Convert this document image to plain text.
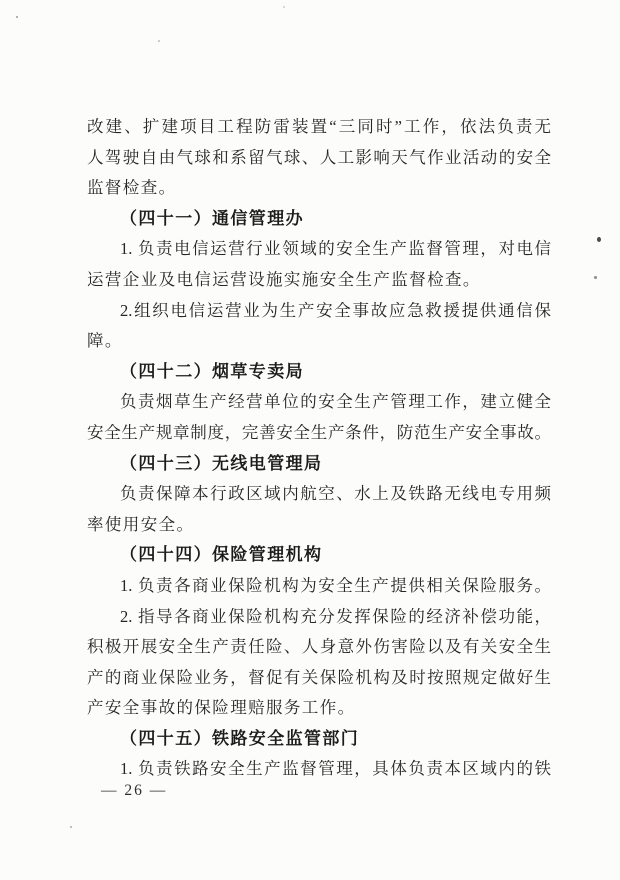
改建、扩建项目工程防雷装置“三同时”工作，依法负责无
人驾驶自由气球和系留气球、人工影响天气作业活动的安全
监督检查。
（四十一）通信管理办
1. 负责电信运营行业领域的安全生产监督管理，对电信
运营企业及电信运营设施实施安全生产监督检查。
2.组织电信运营业为生产安全事故应急救援提供通信保
障。
（四十二）烟草专卖局
负责烟草生产经营单位的安全生产管理工作，建立健全
安全生产规章制度，完善安全生产条件，防范生产安全事故。
（四十三）无线电管理局
负责保障本行政区域内航空、水上及铁路无线电专用频
率使用安全。
（四十四）保险管理机构
1. 负责各商业保险机构为安全生产提供相关保险服务。
2. 指导各商业保险机构充分发挥保险的经济补偿功能，
积极开展安全生产责任险、人身意外伤害险以及有关安全生
产的商业保险业务，督促有关保险机构及时按照规定做好生
产安全事故的保险理赔服务工作。
（四十五）铁路安全监管部门
1. 负责铁路安全生产监督管理，具体负责本区域内的铁
— 26 —
